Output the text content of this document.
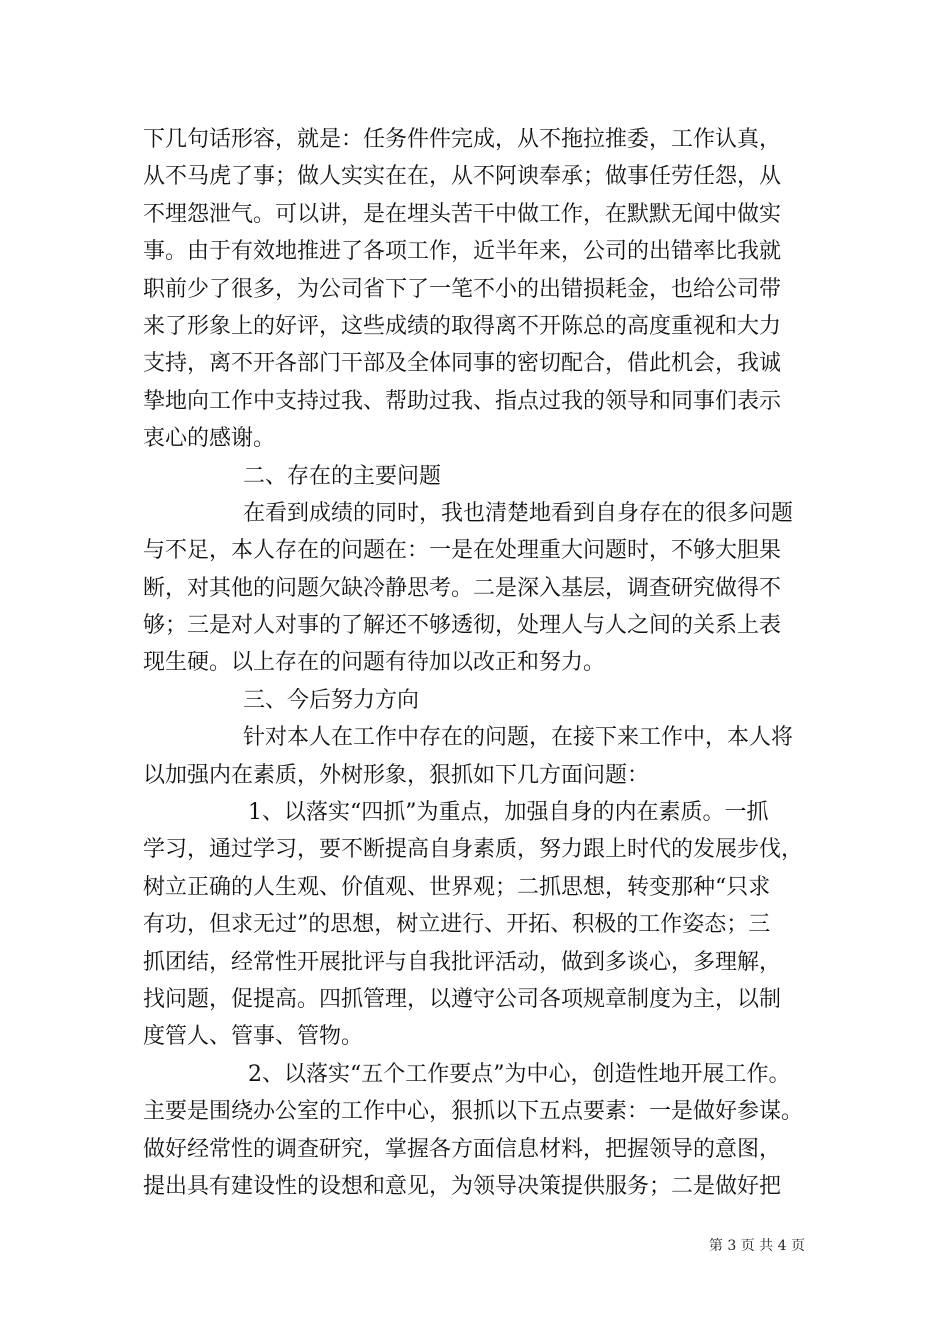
下几句话形容，就是：任务件件完成，从不拖拉推委，工作认真，
从不马虎了事；做人实实在在，从不阿谀奉承；做事任劳任怨，从
不埋怨泄气。可以讲，是在埋头苦干中做工作，在默默无闻中做实
事。由于有效地推进了各项工作，近半年来，公司的出错率比我就
职前少了很多，为公司省下了一笔不小的出错损耗金，也给公司带
来了形象上的好评，这些成绩的取得离不开陈总的高度重视和大力
支持，离不开各部门干部及全体同事的密切配合，借此机会，我诚
挚地向工作中支持过我、帮助过我、指点过我的领导和同事们表示
衷心的感谢。
二、存在的主要问题
在看到成绩的同时，我也清楚地看到自身存在的很多问题
与不足，本人存在的问题在：一是在处理重大问题时，不够大胆果
断，对其他的问题欠缺冷静思考。二是深入基层，调查研究做得不
够；三是对人对事的了解还不够透彻，处理人与人之间的关系上表
现生硬。以上存在的问题有待加以改正和努力。
三、今后努力方向
针对本人在工作中存在的问题，在接下来工作中，本人将
以加强内在素质，外树形象，狠抓如下几方面问题：
1、以落实“四抓”为重点，加强自身的内在素质。一抓
学习，通过学习，要不断提高自身素质，努力跟上时代的发展步伐，
树立正确的人生观、价值观、世界观；二抓思想，转变那种“只求
有功，但求无过”的思想，树立进行、开拓、积极的工作姿态；三
抓团结，经常性开展批评与自我批评活动，做到多谈心，多理解，
找问题，促提高。四抓管理，以遵守公司各项规章制度为主，以制
度管人、管事、管物。
2、以落实“五个工作要点”为中心，创造性地开展工作。
主要是围绕办公室的工作中心，狠抓以下五点要素：一是做好参谋。
做好经常性的调查研究，掌握各方面信息材料，把握领导的意图，
提出具有建设性的设想和意见，为领导决策提供服务；二是做好把
第 3 页 共 4 页
